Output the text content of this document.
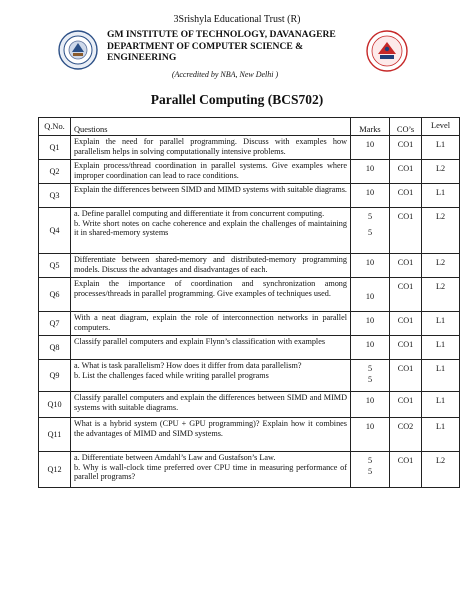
3Srishyla Educational Trust (R)
GM INSTITUTE OF TECHNOLOGY, DAVANAGERE
DEPARTMENT OF COMPUTER SCIENCE &
ENGINEERING
(Accredited by NBA, New Delhi )
Parallel Computing (BCS702)
Q.No.	Questions	Marks	CO’s	Level
Q1	Explain the need for parallel programming. Discuss with examples how parallelism helps in solving computationally intensive problems.	10	CO1	L1
Q2	Explain process/thread coordination in parallel systems. Give examples where improper coordination can lead to race conditions.	10	CO1	L2
Q3	Explain the differences between SIMD and MIMD systems with suitable diagrams.	10	CO1	L1
Q4	a. Define parallel computing and differentiate it from concurrent computing.
b. Write short notes on cache coherence and explain the challenges of maintaining it in shared-memory systems	5
5	CO1	L2
Q5	Differentiate between shared-memory and distributed-memory programming models. Discuss the advantages and disadvantages of each.	10	CO1	L2
Q6	Explain the importance of coordination and synchronization among processes/threads in parallel programming. Give examples of techniques used.	10	CO1	L2
Q7	With a neat diagram, explain the role of interconnection networks in parallel computers.	10	CO1	L1
Q8	Classify parallel computers and explain Flynn’s classification with examples	10	CO1	L1
Q9	a. What is task parallelism? How does it differ from data parallelism?
b. List the challenges faced while writing parallel programs	5
5	CO1	L1
Q10	Classify parallel computers and explain the differences between SIMD and MIMD systems with suitable diagrams.	10	CO1	L1
Q11	What is a hybrid system (CPU + GPU programming)? Explain how it combines the advantages of MIMD and SIMD systems.	10	CO2	L1
Q12	a. Differentiate between Amdahl’s Law and Gustafson’s Law.
b. Why is wall-clock time preferred over CPU time in measuring performance of parallel programs?	5
5	CO1	L2
